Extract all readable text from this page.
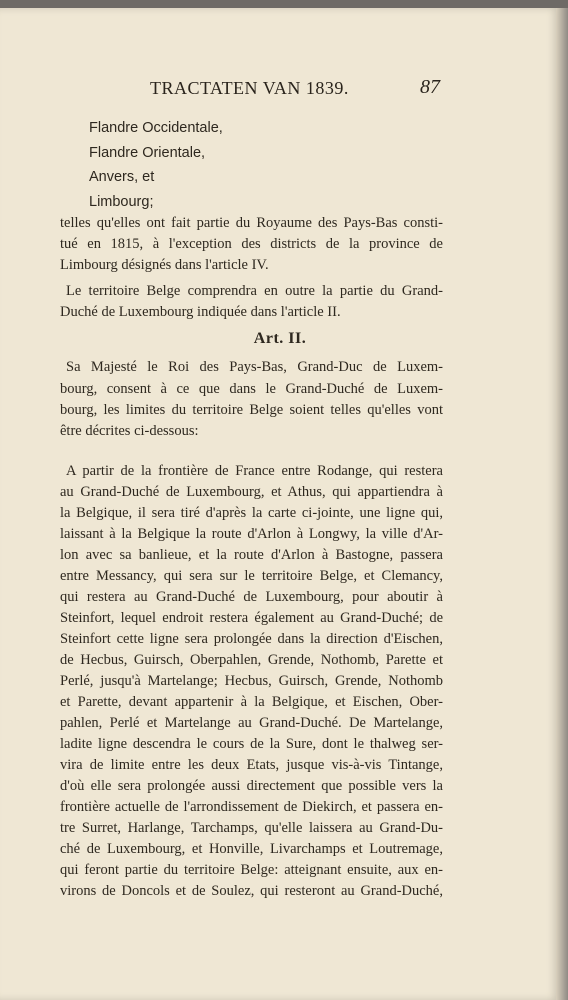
TRACTATEN VAN 1839.	87
Flandre Occidentale,
Flandre Orientale,
Anvers, et
Limbourg;
telles qu'elles ont fait partie du Royaume des Pays-Bas consti-
tué en 1815, à l'exception des districts de la province de
Limbourg désignés dans l'article IV.
Le territoire Belge comprendra en outre la partie du Grand-
Duché de Luxembourg indiquée dans l'article II.
Art. II.
Sa Majesté le Roi des Pays-Bas, Grand-Duc de Luxem-
bourg, consent à ce que dans le Grand-Duché de Luxem-
bourg, les limites du territoire Belge soient telles qu'elles vont
être décrites ci-dessous:
A partir de la frontière de France entre Rodange, qui restera
au Grand-Duché de Luxembourg, et Athus, qui appartiendra à
la Belgique, il sera tiré d'après la carte ci-jointe, une ligne qui,
laissant à la Belgique la route d'Arlon à Longwy, la ville d'Ar-
lon avec sa banlieue, et la route d'Arlon à Bastogne, passera
entre Messancy, qui sera sur le territoire Belge, et Clemancy,
qui restera au Grand-Duché de Luxembourg, pour aboutir à
Steinfort, lequel endroit restera également au Grand-Duché; de
Steinfort cette ligne sera prolongée dans la direction d'Eischen,
de Hecbus, Guirsch, Oberpahlen, Grende, Nothomb, Parette et
Perlé, jusqu'à Martelange; Hecbus, Guirsch, Grende, Nothomb
et Parette, devant appartenir à la Belgique, et Eischen, Ober-
pahlen, Perlé et Martelange au Grand-Duché. De Martelange,
ladite ligne descendra le cours de la Sure, dont le thalweg ser-
vira de limite entre les deux Etats, jusque vis-à-vis Tintange,
d'où elle sera prolongée aussi directement que possible vers la
frontière actuelle de l'arrondissement de Diekirch, et passera en-
tre Surret, Harlange, Tarchamps, qu'elle laissera au Grand-Du-
ché de Luxembourg, et Honville, Livarchamps et Loutremage,
qui feront partie du territoire Belge: atteignant ensuite, aux en-
virons de Doncols et de Soulez, qui resteront au Grand-Duché,
